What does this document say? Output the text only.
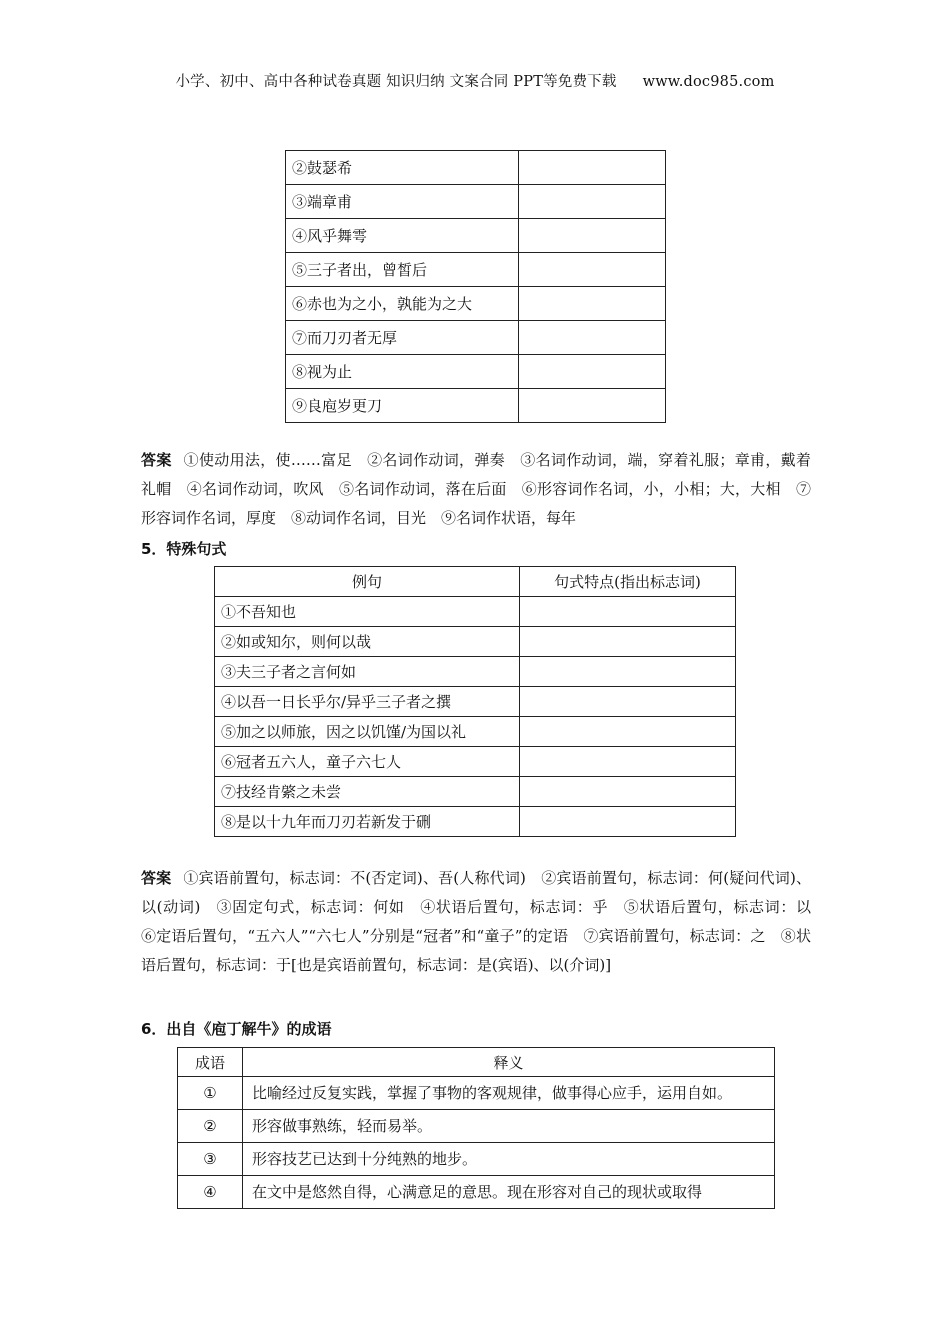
小学、初中、高中各种试卷真题 知识归纳 文案合同 PPT等免费下载 www.doc985.com
②鼓瑟希	
③端章甫	
④风乎舞雩	
⑤三子者出，曾皙后	
⑥赤也为之小，孰能为之大	
⑦而刀刃者无厚	
⑧视为止	
⑨良庖岁更刀	
答案 ①使动用法，使……富足　②名词作动词，弹奏　③名词作动词，端，穿着礼服；章甫，戴着礼帽　④名词作动词，吹风　⑤名词作动词，落在后面　⑥形容词作名词，小，小相；大，大相　⑦形容词作名词，厚度　⑧动词作名词，目光　⑨名词作状语，每年
5．特殊句式
例句	句式特点(指出标志词)
①不吾知也	
②如或知尔，则何以哉	
③夫三子者之言何如	
④以吾一日长乎尔/异乎三子者之撰	
⑤加之以师旅，因之以饥馑/为国以礼	
⑥冠者五六人，童子六七人	
⑦技经肯綮之未尝	
⑧是以十九年而刀刃若新发于硎	
答案 ①宾语前置句，标志词：不(否定词)、吾(人称代词)　②宾语前置句，标志词：何(疑问代词)、以(动词)　③固定句式，标志词：何如　④状语后置句，标志词：乎　⑤状语后置句，标志词：以　⑥定语后置句，“五六人”“六七人”分别是“冠者”和“童子”的定语　⑦宾语前置句，标志词：之　⑧状语后置句，标志词：于[也是宾语前置句，标志词：是(宾语)、以(介词)]
6．出自《庖丁解牛》的成语
成语	释义
①	比喻经过反复实践，掌握了事物的客观规律，做事得心应手，运用自如。
②	形容做事熟练，轻而易举。
③	形容技艺已达到十分纯熟的地步。
④	在文中是悠然自得，心满意足的意思。现在形容对自己的现状或取得
